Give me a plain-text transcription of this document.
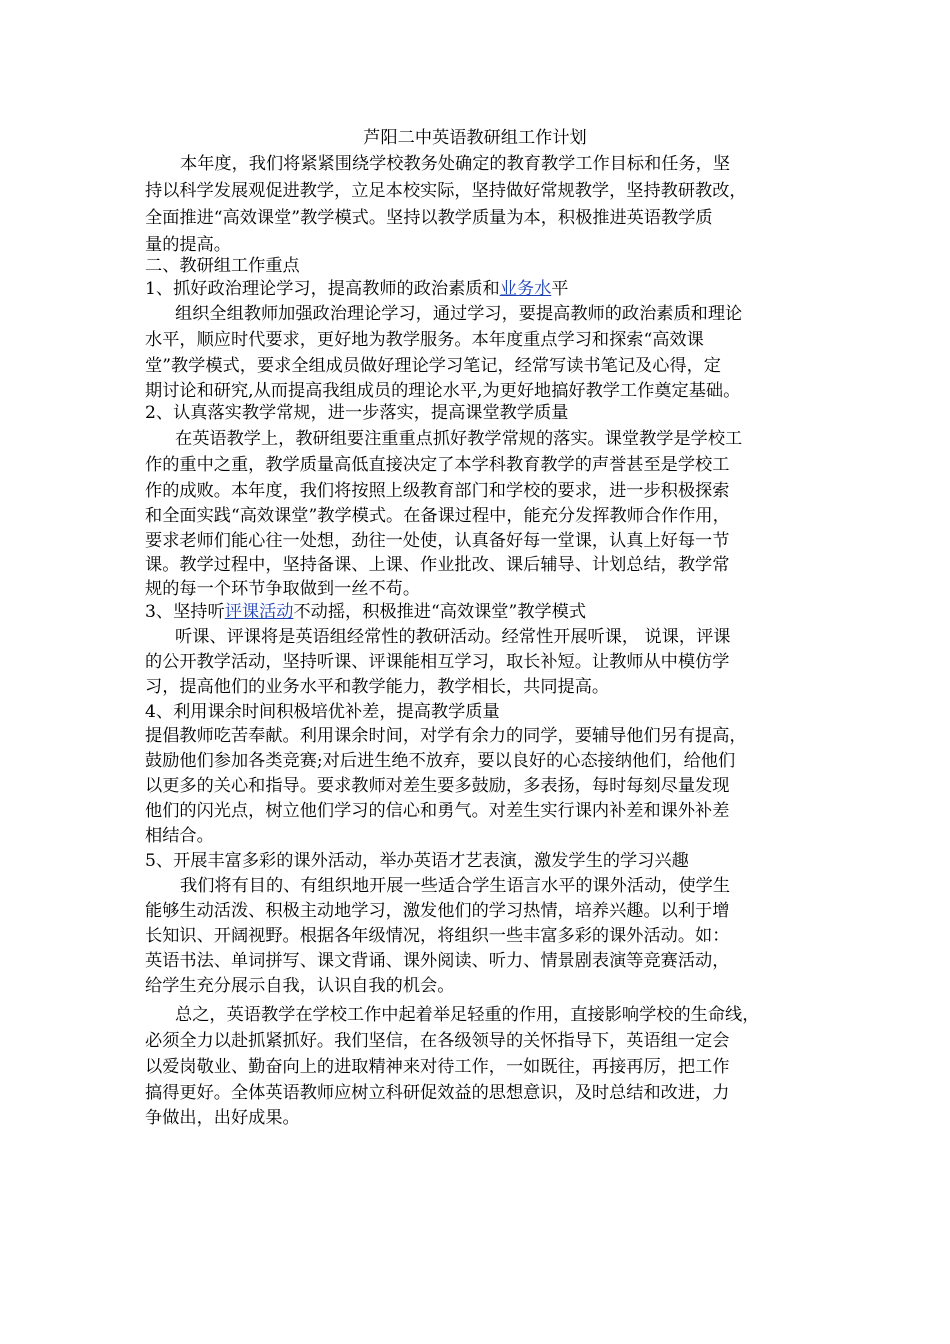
芦阳二中英语教研组工作计划
本年度，我们将紧紧围绕学校教务处确定的教育教学工作目标和任务，坚
持以科学发展观促进教学，立足本校实际，坚持做好常规教学，坚持教研教改，
全面推进“高效课堂”教学模式。坚持以教学质量为本，积极推进英语教学质
量的提高。
二、教研组工作重点
1、抓好政治理论学习，提高教师的政治素质和业务水平
组织全组教师加强政治理论学习，通过学习，要提高教师的政治素质和理论
水平，顺应时代要求，更好地为教学服务。本年度重点学习和探索“高效课
堂”教学模式，要求全组成员做好理论学习笔记，经常写读书笔记及心得，定
期讨论和研究,从而提高我组成员的理论水平,为更好地搞好教学工作奠定基础。
2、认真落实教学常规，进一步落实，提高课堂教学质量
在英语教学上，教研组要注重重点抓好教学常规的落实。课堂教学是学校工
作的重中之重，教学质量高低直接决定了本学科教育教学的声誉甚至是学校工
作的成败。本年度，我们将按照上级教育部门和学校的要求，进一步积极探索
和全面实践“高效课堂”教学模式。在备课过程中，能充分发挥教师合作作用，
要求老师们能心往一处想，劲往一处使，认真备好每一堂课，认真上好每一节
课。教学过程中，坚持备课、上课、作业批改、课后辅导、计划总结，教学常
规的每一个环节争取做到一丝不苟。
3、坚持听评课活动不动摇，积极推进“高效课堂”教学模式
听课、评课将是英语组经常性的教研活动。经常性开展听课， 说课，评课
的公开教学活动，坚持听课、评课能相互学习，取长补短。让教师从中模仿学
习，提高他们的业务水平和教学能力，教学相长，共同提高。
4、利用课余时间积极培优补差，提高教学质量
提倡教师吃苦奉献。利用课余时间，对学有余力的同学，要辅导他们另有提高，
鼓励他们参加各类竞赛;对后进生绝不放弃，要以良好的心态接纳他们，给他们
以更多的关心和指导。要求教师对差生要多鼓励，多表扬，每时每刻尽量发现
他们的闪光点，树立他们学习的信心和勇气。对差生实行课内补差和课外补差
相结合。
5、开展丰富多彩的课外活动，举办英语才艺表演，激发学生的学习兴趣
我们将有目的、有组织地开展一些适合学生语言水平的课外活动，使学生
能够生动活泼、积极主动地学习，激发他们的学习热情，培养兴趣。以利于增
长知识、开阔视野。根据各年级情况，将组织一些丰富多彩的课外活动。如：
英语书法、单词拼写、课文背诵、课外阅读、听力、情景剧表演等竞赛活动，
给学生充分展示自我，认识自我的机会。
总之，英语教学在学校工作中起着举足轻重的作用，直接影响学校的生命线，
必须全力以赴抓紧抓好。我们坚信，在各级领导的关怀指导下，英语组一定会
以爱岗敬业、勤奋向上的进取精神来对待工作，一如既往，再接再厉，把工作
搞得更好。全体英语教师应树立科研促效益的思想意识，及时总结和改进，力
争做出，出好成果。
